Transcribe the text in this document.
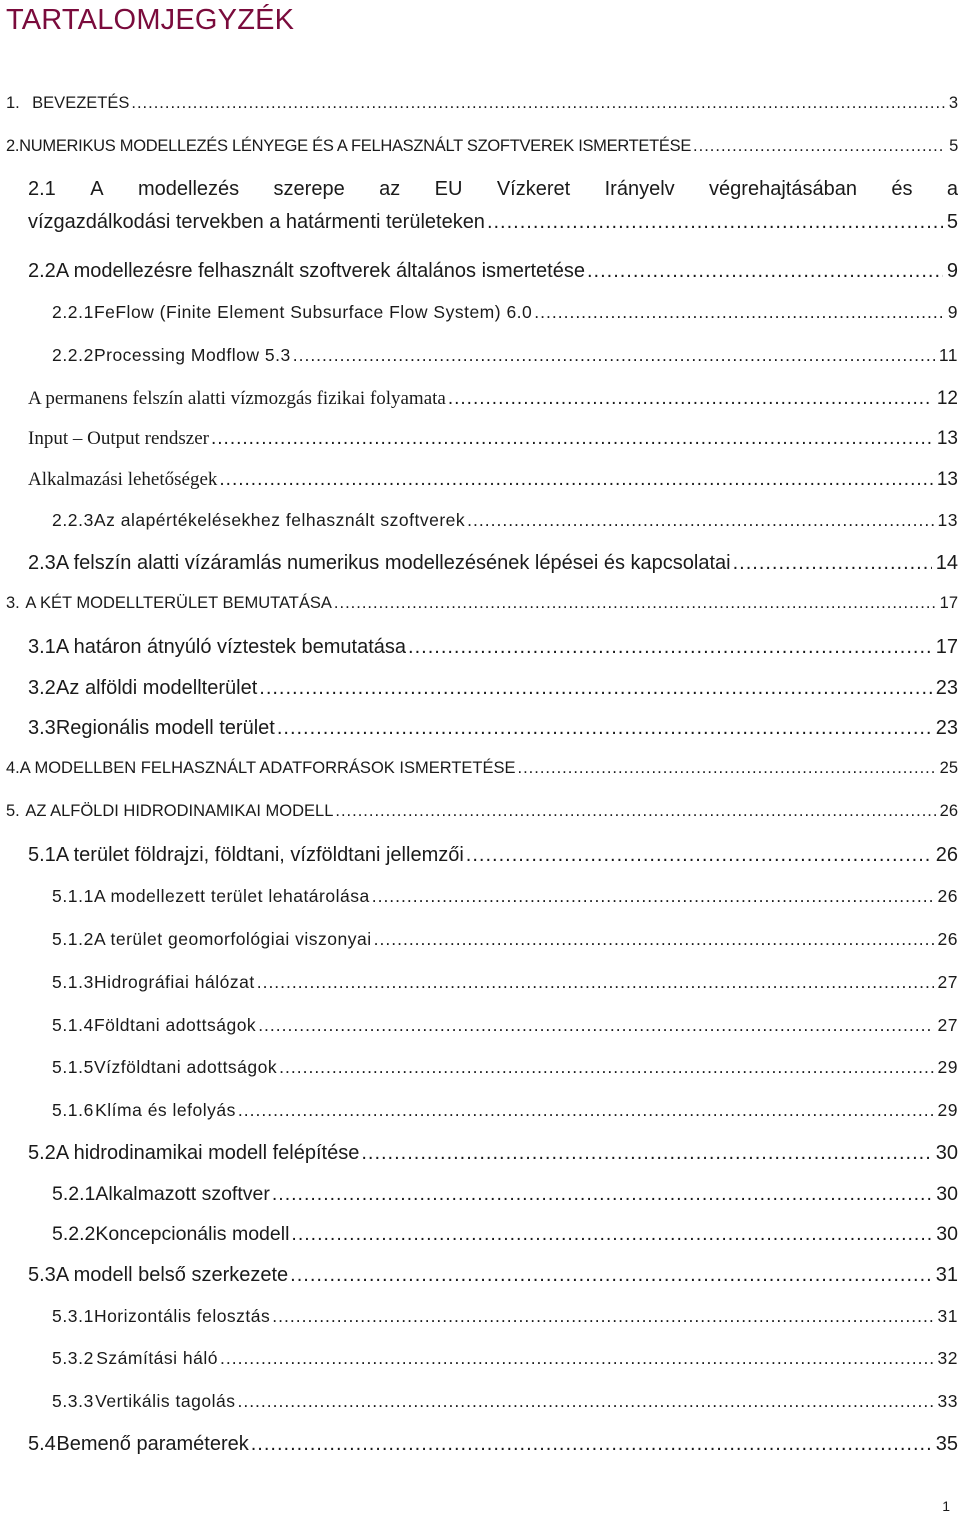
TARTALOMJEGYZÉK
1. BEVEZETÉS .....	3
2. NUMERIKUS MODELLEZÉS LÉNYEGE ÉS A FELHASZNÁLT SZOFTVEREK ISMERTETÉSE .....	5
2.1 A modellezés szerepe az EU Vízkeret Irányelv végrehajtásában és a
vízgazdálkodási tervekben a határmenti területeken .....	5
2.2 A modellezésre felhasznált szoftverek általános ismertetése .....	9
2.2.1 FeFlow (Finite Element Subsurface Flow System) 6.0 .....	9
2.2.2 Processing Modflow 5.3 .....	11
A permanens felszín alatti vízmozgás fizikai folyamata .....	12
Input – Output rendszer .....	13
Alkalmazási lehetőségek .....	13
2.2.3 Az alapértékelésekhez felhasznált szoftverek .....	13
2.3 A felszín alatti vízáramlás numerikus modellezésének lépései és kapcsolatai .....	14
3. A KÉT MODELLTERÜLET BEMUTATÁSA .....	17
3.1 A határon átnyúló víztestek bemutatása .....	17
3.2 Az alföldi modellterület .....	23
3.3 Regionális modell terület .....	23
4. A MODELLBEN FELHASZNÁLT ADATFORRÁSOK ISMERTETÉSE .....	25
5. AZ ALFÖLDI HIDRODINAMIKAI MODELL .....	26
5.1 A terület földrajzi, földtani, vízföldtani jellemzői .....	26
5.1.1 A modellezett terület lehatárolása .....	26
5.1.2 A terület geomorfológiai viszonyai .....	26
5.1.3 Hidrográfiai hálózat .....	27
5.1.4 Földtani adottságok .....	27
5.1.5 Vízföldtani adottságok .....	29
5.1.6 Klíma és lefolyás .....	29
5.2 A hidrodinamikai modell felépítése .....	30
5.2.1 Alkalmazott szoftver .....	30
5.2.2 Koncepcionális modell .....	30
5.3 A modell belső szerkezete .....	31
5.3.1 Horizontális felosztás .....	31
5.3.2 Számítási háló .....	32
5.3.3 Vertikális tagolás .....	33
5.4 Bemenő paraméterek .....	35
1
